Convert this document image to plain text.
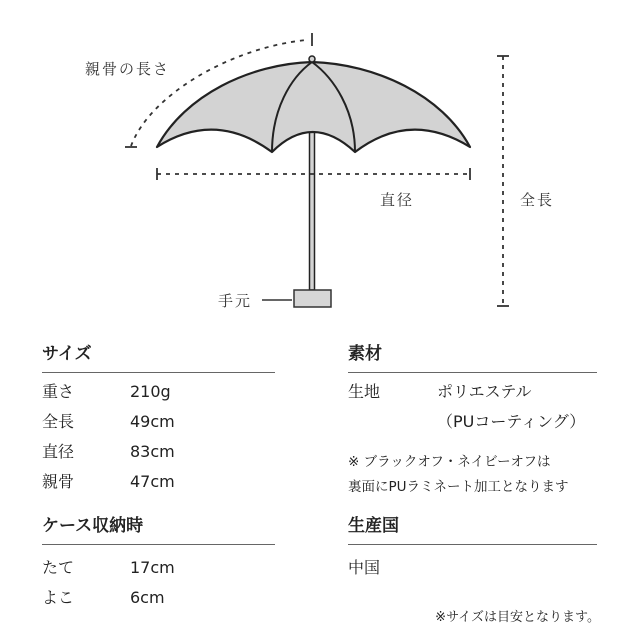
親骨の長さ
手元
直径	全長
サイズ
重さ	210g
全長	49cm
直径	83cm
親骨	47cm
ケース収納時
たて	17cm
よこ	6cm
素材
生地	ポリエステル
（PUコーティング）
※ ブラックオフ・ネイビーオフは
裏面にPUラミネート加工となります
生産国
中国
※サイズは目安となります。
